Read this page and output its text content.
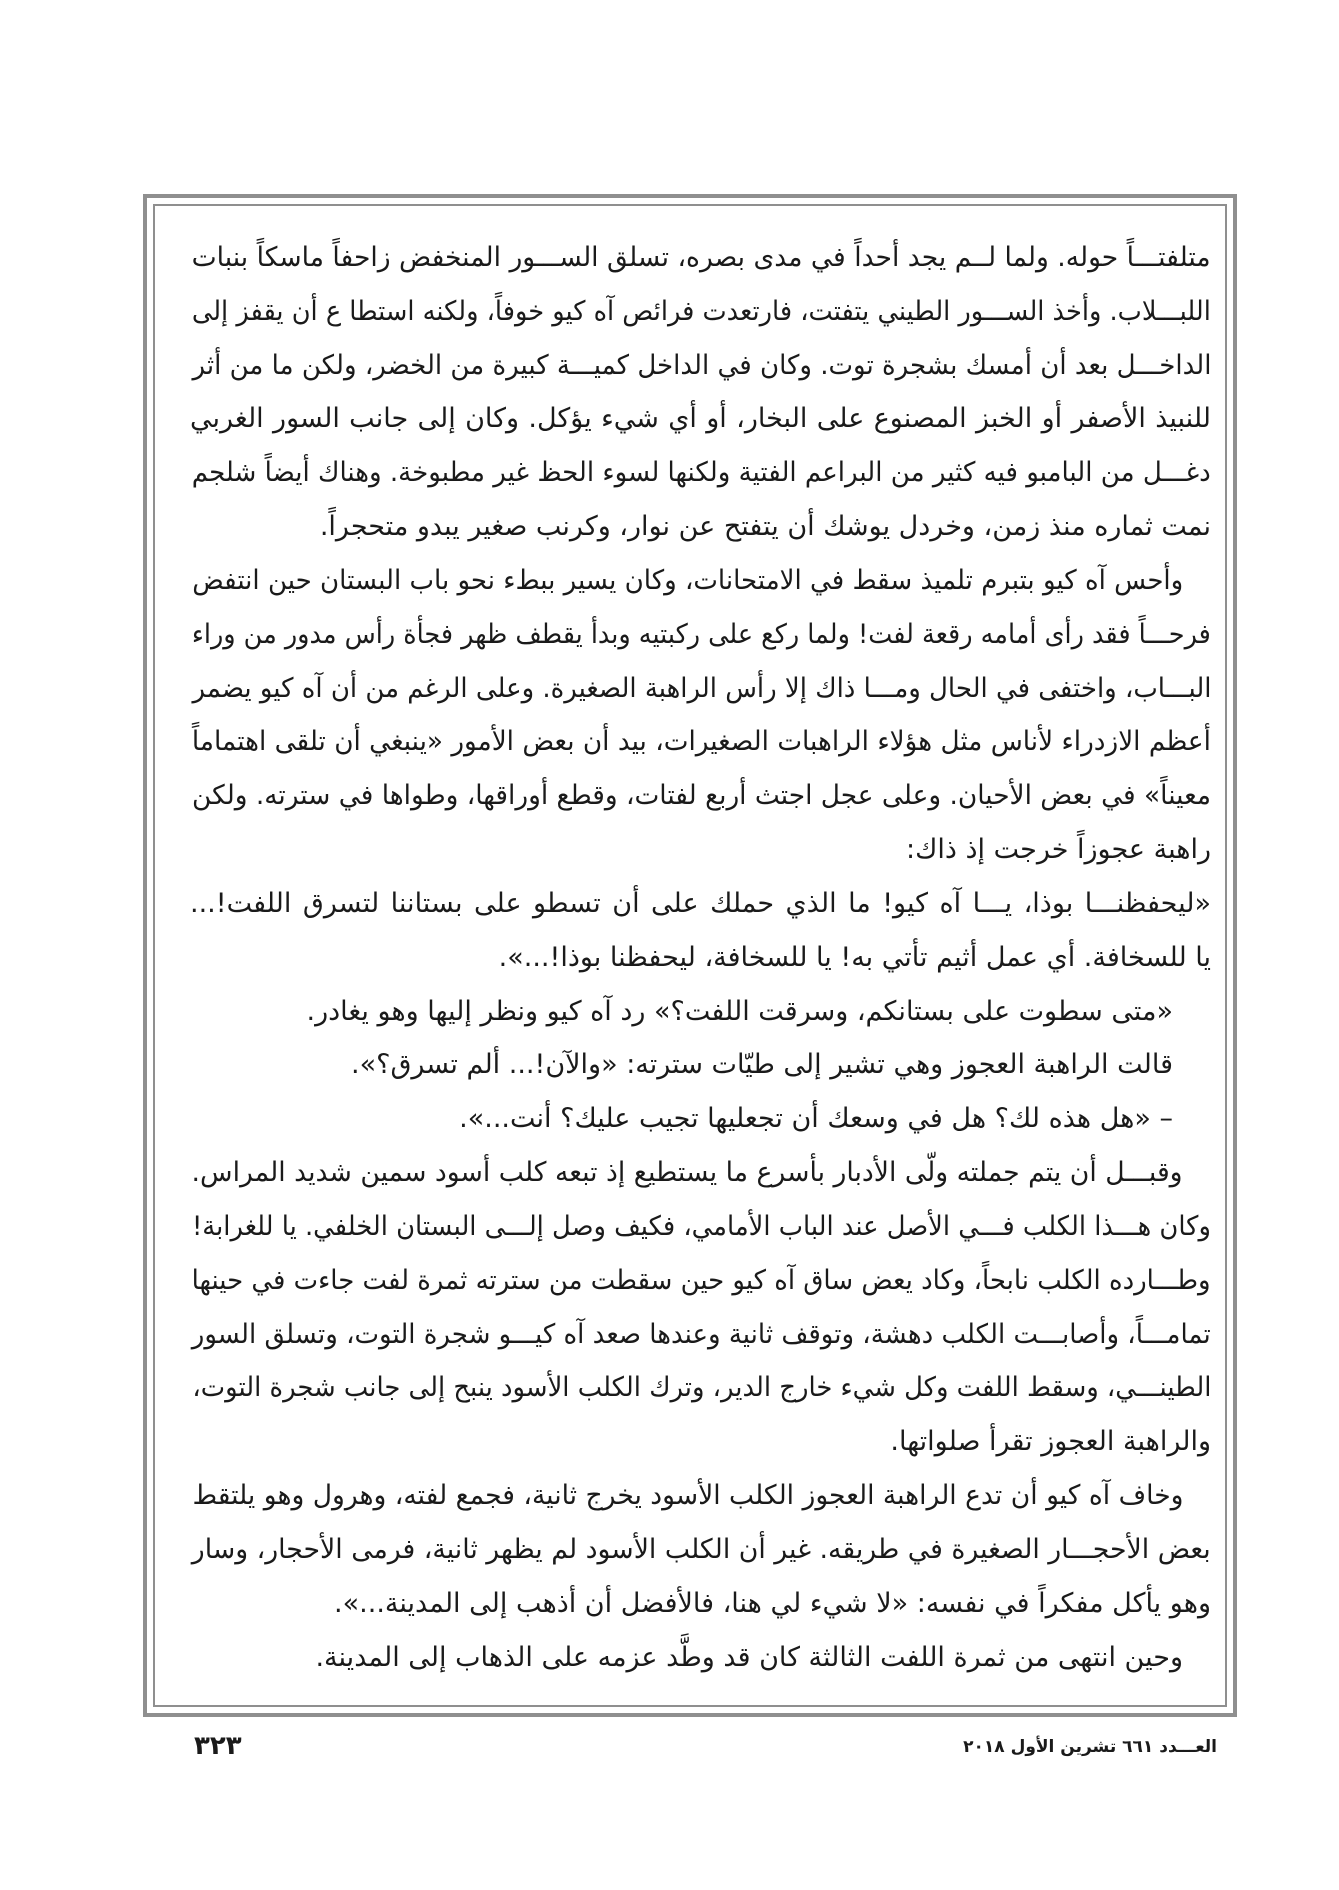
متلفتـــاً حوله. ولما لــم يجد أحداً في مدى بصره، تسلق الســـور المنخفض زاحفاً ماسكاً بنبات
اللبـــلاب. وأخذ الســـور الطيني يتفتت، فارتعدت فرائص آه كيو خوفاً، ولكنه استطا ع أن يقفز إلى
الداخـــل بعد أن أمسك بشجرة توت. وكان في الداخل كميـــة كبيرة من الخضر، ولكن ما من أثر
للنبيذ الأصفر أو الخبز المصنوع على البخار، أو أي شيء يؤكل. وكان إلى جانب السور الغربي
دغـــل من البامبو فيه كثير من البراعم الفتية ولكنها لسوء الحظ غير مطبوخة. وهناك أيضاً شلجم
نمت ثماره منذ زمن، وخردل يوشك أن يتفتح عن نوار، وكرنب صغير يبدو متحجراً.
وأحس آه كيو بتبرم تلميذ سقط في الامتحانات، وكان يسير ببطء نحو باب البستان حين انتفض
فرحـــاً فقد رأى أمامه رقعة لفت! ولما ركع على ركبتيه وبدأ يقطف ظهر فجأة رأس مدور من وراء
البـــاب، واختفى في الحال ومـــا ذاك إلا رأس الراهبة الصغيرة. وعلى الرغم من أن آه كيو يضمر
أعظم الازدراء لأناس مثل هؤلاء الراهبات الصغيرات، بيد أن بعض الأمور «ينبغي أن تلقى اهتماماً
معيناً» في بعض الأحيان. وعلى عجل اجتث أربع لفتات، وقطع أوراقها، وطواها في سترته. ولكن
راهبة عجوزاً خرجت إذ ذاك:
«ليحفظنـــا بوذا، يـــا آه كيو! ما الذي حملك على أن تسطو على بستاننا لتسرق اللفت!...
يا للسخافة. أي عمل أثيم تأتي به! يا للسخافة، ليحفظنا بوذا!...».
«متى سطوت على بستانكم، وسرقت اللفت؟» رد آه كيو ونظر إليها وهو يغادر.
قالت الراهبة العجوز وهي تشير إلى طيّات سترته: «والآن!... ألم تسرق؟».
– «هل هذه لك؟ هل في وسعك أن تجعليها تجيب عليك؟ أنت...».
وقبـــل أن يتم جملته ولّى الأدبار بأسرع ما يستطيع إذ تبعه كلب أسود سمين شديد المراس.
وكان هـــذا الكلب فـــي الأصل عند الباب الأمامي، فكيف وصل إلـــى البستان الخلفي. يا للغرابة!
وطـــارده الكلب نابحاً، وكاد يعض ساق آه كيو حين سقطت من سترته ثمرة لفت جاءت في حينها
تمامـــاً، وأصابـــت الكلب دهشة، وتوقف ثانية وعندها صعد آه كيـــو شجرة التوت، وتسلق السور
الطينـــي، وسقط اللفت وكل شيء خارج الدير، وترك الكلب الأسود ينبح إلى جانب شجرة التوت،
والراهبة العجوز تقرأ صلواتها.
وخاف آه كيو أن تدع الراهبة العجوز الكلب الأسود يخرج ثانية، فجمع لفته، وهرول وهو يلتقط
بعض الأحجـــار الصغيرة في طريقه. غير أن الكلب الأسود لم يظهر ثانية، فرمى الأحجار، وسار
وهو يأكل مفكراً في نفسه: «لا شيء لي هنا، فالأفضل أن أذهب إلى المدينة...».
وحين انتهى من ثمرة اللفت الثالثة كان قد وطَّد عزمه على الذهاب إلى المدينة.
العـــدد ٦٦١ تشرين الأول ٢٠١٨
٣٢٣
